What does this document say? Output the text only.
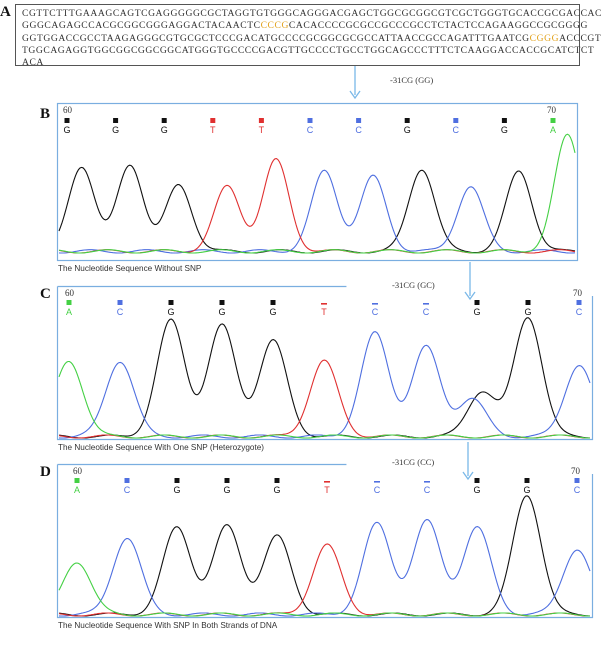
A	CGTTCTTTGAAAGCAGTCGAGGGGGCGCTAGGTGTGGGCAGGGACGAGCTGGCGCGGCGTCGCTGGGTGCACCGCGACCAC
GGGCAGAGCCACGCGGCGGGAGGACTACAACTCCCCGCACACCCCGCGCCGCCCGCCTCTACTCCAGAAGGCCGCGGGG
GGTGGACCGCCTAAGAGGGCGTGCGCTCCCGACATGCCCCGCGGCGCGCCATTAACCGCCAGATTTGAATCGCGGGACCCGT
TGGCAGAGGTGGCGGCGGCGGCATGGGTGCCCCGACGTTGCCCCTGCCTGGCAGCCCTTTCTCAAGGACCACCGCATCTCT
ACA
-31CG (GG)
B 60	70
G	G	G	T	T	C	C	G	C	G	A
The Nucleotide Sequence Without SNP
-31CG (GC)
C 60	70
A	C	G	G	G	T	C	C	G	G	C
The Nucleotide Sequence With One SNP (Heterozygote)
-31CG (CC)
D 60	70
A	C	G	G	G	T	C	C	G	G	C
The Nucleotide Sequence With SNP In Both Strands of DNA
